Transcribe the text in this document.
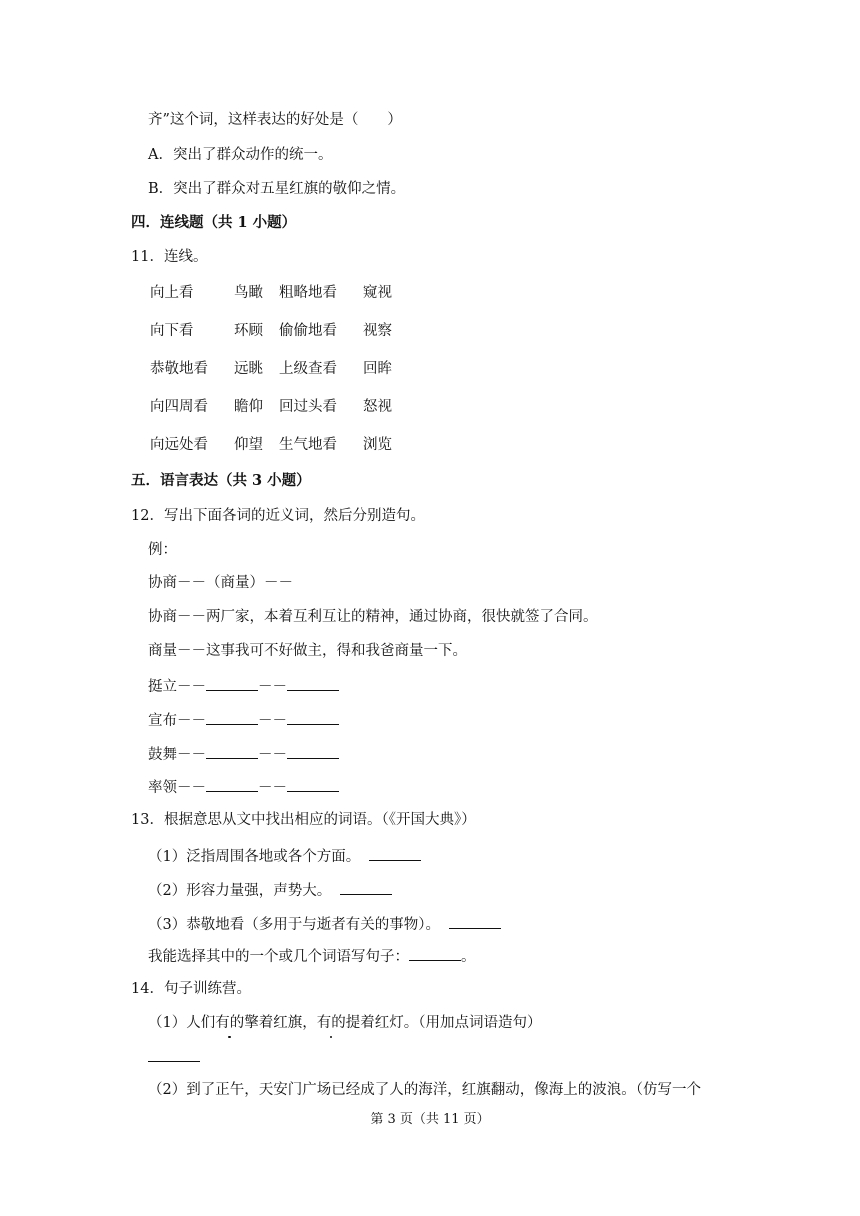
齐”这个词，这样表达的好处是（　　）
A．突出了群众动作的统一。
B．突出了群众对五星红旗的敬仰之情。
四．连线题（共 1 小题）
11．连线。
向上看	鸟瞰 粗略地看 窥视
向下看	环顾 偷偷地看 视察
恭敬地看 远眺 上级查看 回眸
向四周看 瞻仰 回过头看 怒视
向远处看 仰望 生气地看 浏览
五．语言表达（共 3 小题）
12．写出下面各词的近义词，然后分别造句。
例：
协商－－（商量）－－
协商－－两厂家，本着互利互让的精神，通过协商，很快就签了合同。
商量－－这事我可不好做主，得和我爸商量一下。
挺立－－	－－
宣布－－	－－
鼓舞－－	－－
率领－－	－－
13．根据意思从文中找出相应的词语。（《开国大典》）
（1）泛指周围各地或各个方面。
（2）形容力量强，声势大。
（3）恭敬地看（多用于与逝者有关的事物）。
我能选择其中的一个或几个词语写句子：	。
14．句子训练营。
（1）人们有的擎着红旗，有的提着红灯。（用加点词语造句）
（2）到了正午，天安门广场已经成了人的海洋，红旗翻动，像海上的波浪。（仿写一个
第 3 页（共 11 页）
